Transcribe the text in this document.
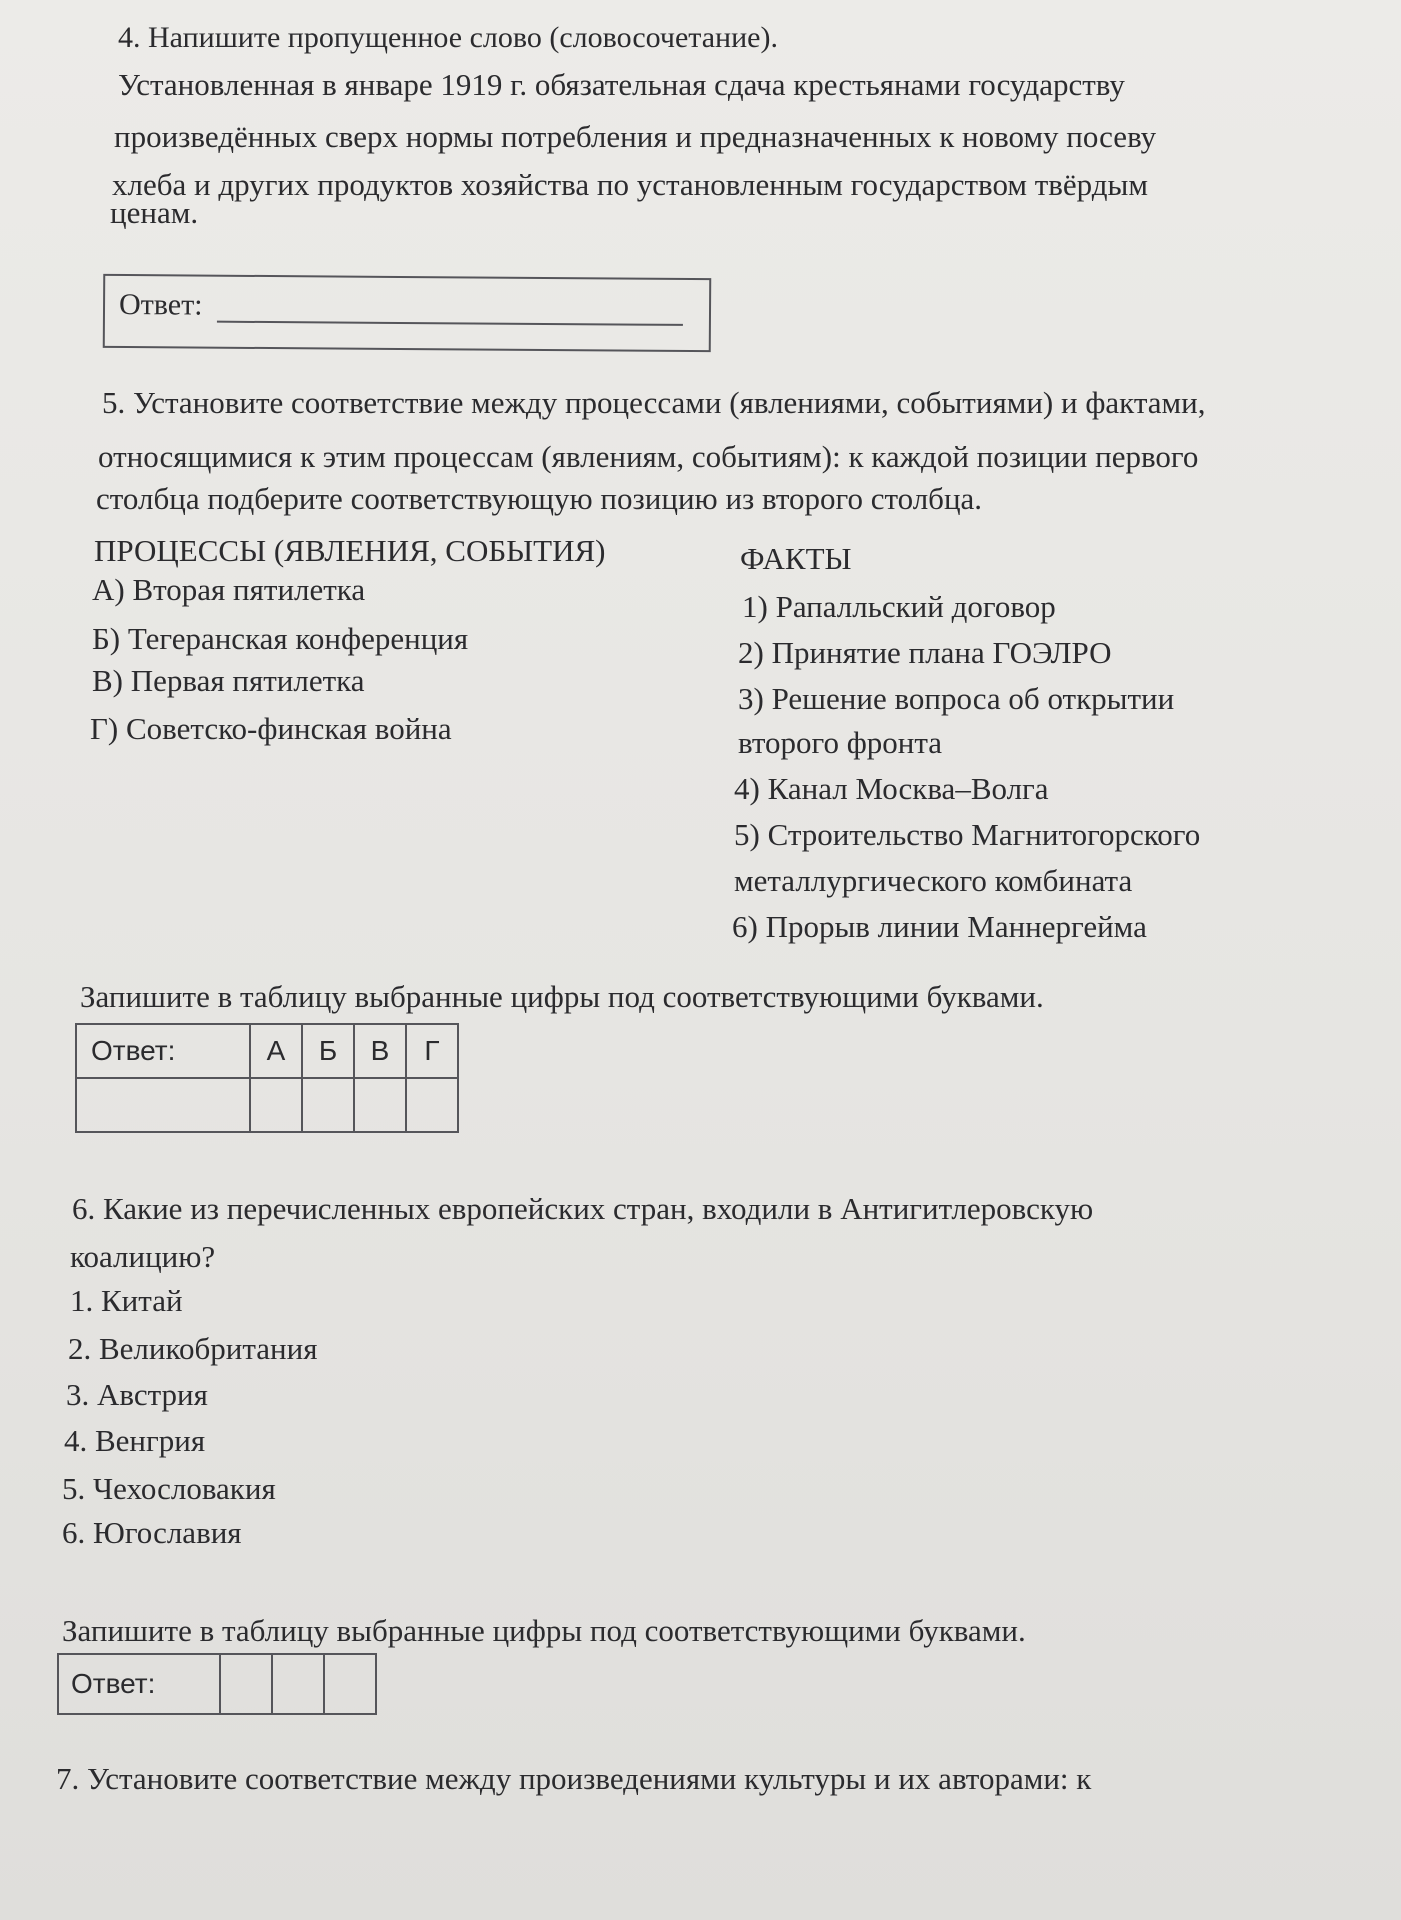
4. Напишите пропущенное слово (словосочетание).
Установленная в январе 1919 г. обязательная сдача крестьянами государству
произведённых сверх нормы потребления и предназначенных к новому посеву
хлеба и других продуктов хозяйства по установленным государством твёрдым
ценам.
Ответ:
5. Установите соответствие между процессами (явлениями, событиями) и фактами,
относящимися к этим процессам (явлениям, событиям): к каждой позиции первого
столбца подберите соответствующую позицию из второго столбца.
ПРОЦЕССЫ (ЯВЛЕНИЯ, СОБЫТИЯ)	ФАКТЫ
А) Вторая пятилетка
Б) Тегеранская конференция
В) Первая пятилетка
Г) Советско-финская война
1) Рапалльский договор
2) Принятие плана ГОЭЛРО
3) Решение вопроса об открытии
второго фронта
4) Канал Москва–Волга
5) Строительство Магнитогорского
металлургического комбината
6) Прорыв линии Маннергейма
Запишите в таблицу выбранные цифры под соответствующими буквами.
Ответ:	А	Б	В	Г

6. Какие из перечисленных европейских стран, входили в Антигитлеровскую
коалицию?
1. Китай
2. Великобритания
3. Австрия
4. Венгрия
5. Чехословакия
6. Югославия
Запишите в таблицу выбранные цифры под соответствующими буквами.
Ответ:			
7. Установите соответствие между произведениями культуры и их авторами: к
